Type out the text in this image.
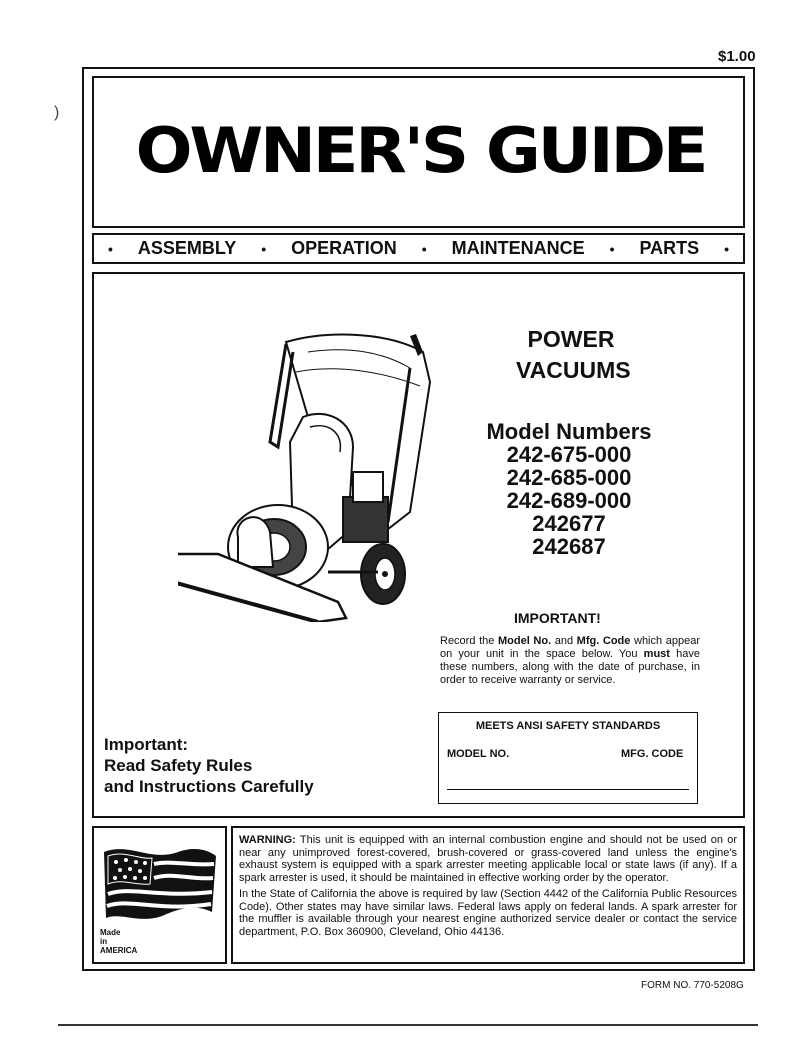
)
$1.00
OWNER'S GUIDE
• ASSEMBLY • OPERATION • MAINTENANCE • PARTS •
POWER
VACUUMS
Model Numbers
242-675-000
242-685-000
242-689-000
242677
242687
IMPORTANT!
Record the Model No. and Mfg. Code which appear on your unit in the space below. You must have these numbers, along with the date of purchase, in order to receive warranty or service.
MEETS ANSI SAFETY STANDARDS
MODEL NO.	MFG. CODE
Important:
Read Safety Rules
and Instructions Carefully
Made
in
AMERICA

WARNING: This unit is equipped with an internal combustion engine and should not be used on or near any unimproved forest-covered, brush-covered or grass-covered land unless the engine's exhaust system is equipped with a spark arrester meeting applicable local or state laws (if any). If a spark arrester is used, it should be maintained in effective working order by the operator.

In the State of California the above is required by law (Section 4442 of the California Public Resources Code). Other states may have similar laws. Federal laws apply on federal lands. A spark arrester for the muffler is available through your nearest engine authorized service dealer or contact the service department, P.O. Box 360900, Cleveland, Ohio 44136.

FORM NO. 770-5208G
